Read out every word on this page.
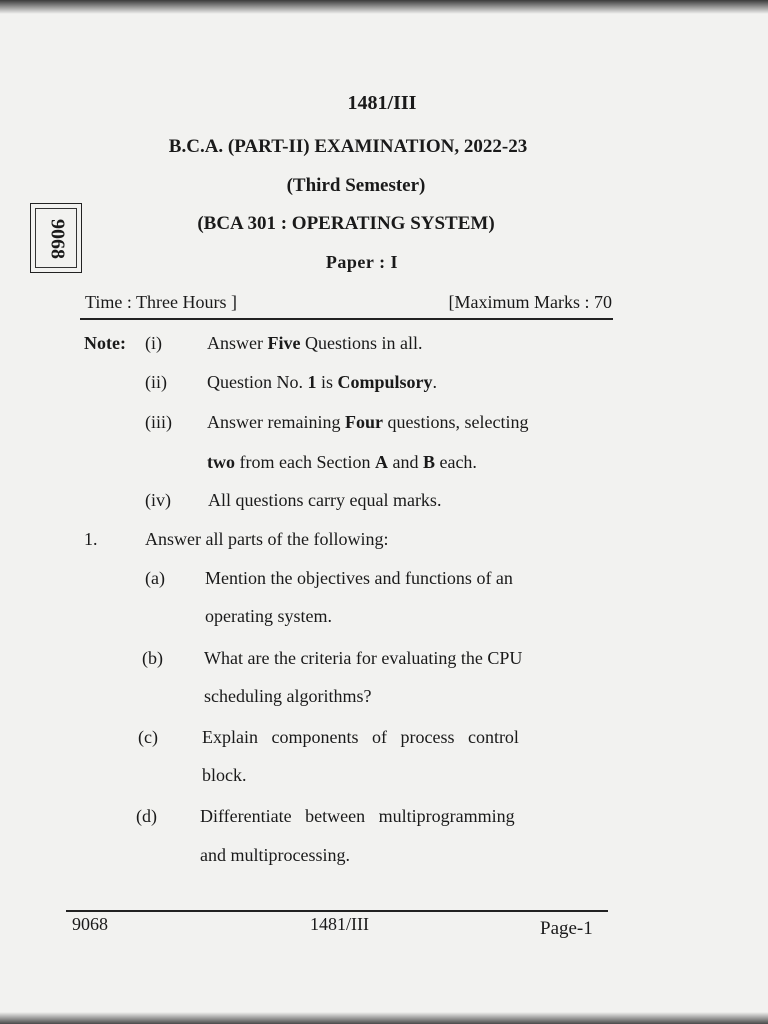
1481/III
B.C.A. (PART-II) EXAMINATION, 2022-23
(Third Semester)
(BCA 301 : OPERATING SYSTEM)
Paper : I
9068
Time : Three Hours ]	[Maximum Marks : 70
Note: (i)	Answer Five Questions in all.
(ii) Question No. 1 is Compulsory.
(iii) Answer remaining Four questions, selecting
two from each Section A and B each.
(iv) All questions carry equal marks.
1.	Answer all parts of the following:
(a) Mention the objectives and functions of an
operating system.
(b) What are the criteria for evaluating the CPU
scheduling algorithms?
(c) Explain   components   of   process   control
block.
(d) Differentiate   between   multiprogramming
and multiprocessing.
9068	1481/III	Page-1
